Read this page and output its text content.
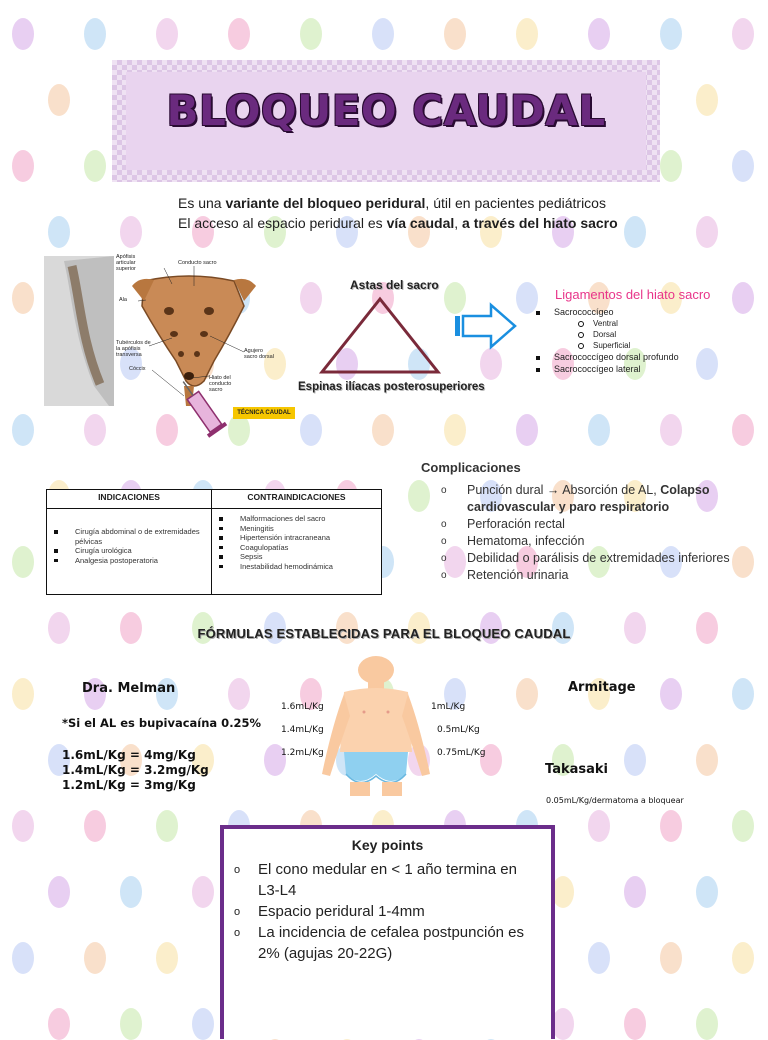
BLOQUEO CAUDAL
Es una variante del bloqueo peridural, útil en pacientes pediátricos
El acceso al espacio peridural es vía caudal, a través del hiato sacro
Apófisis articular superior
Conducto sacro
Ala
Tubérculos de la apófisis transversa
Agujero sacro dorsal
Cóccix
Hiato del conducto sacro
TÉCNICA CAUDAL
Astas del sacro
Espinas ilíacas posterosuperiores
Ligamentos del hiato sacro
Sacrococcígeo
Ventral
Dorsal
Superficial
Sacrococcígeo dorsal profundo
Sacrococcígeo lateral
INDICACIONES	CONTRAINDICACIONES
Cirugía abdominal o de extremidades pélvicas
Cirugía urológica
Analgesia postoperatoria
Malformaciones del sacro
Meningitis
Hipertensión intracraneana
Coagulopatías
Sepsis
Inestabilidad hemodinámica
Complicaciones
o Punción dural → Absorción de AL, Colapso cardiovascular y paro respiratorio
o Perforación rectal
o Hematoma, infección
o Debilidad o parálisis de extremidades inferiores
o Retención urinaria
FÓRMULAS ESTABLECIDAS PARA EL BLOQUEO CAUDAL
Dra. Melman
*Si el AL es bupivacaína 0.25%
1.6mL/Kg = 4mg/Kg
1.4mL/Kg = 3.2mg/Kg
1.2mL/Kg = 3mg/Kg
1.6mL/Kg
1.4mL/Kg
1.2mL/Kg
1mL/Kg
0.5mL/Kg
0.75mL/Kg
Armitage
Takasaki
0.05mL/Kg/dermatoma a bloquear
Key points
o El cono medular en < 1 año termina en L3-L4
o Espacio peridural 1-4mm
o La incidencia de cefalea postpunción es 2% (agujas 20-22G)
